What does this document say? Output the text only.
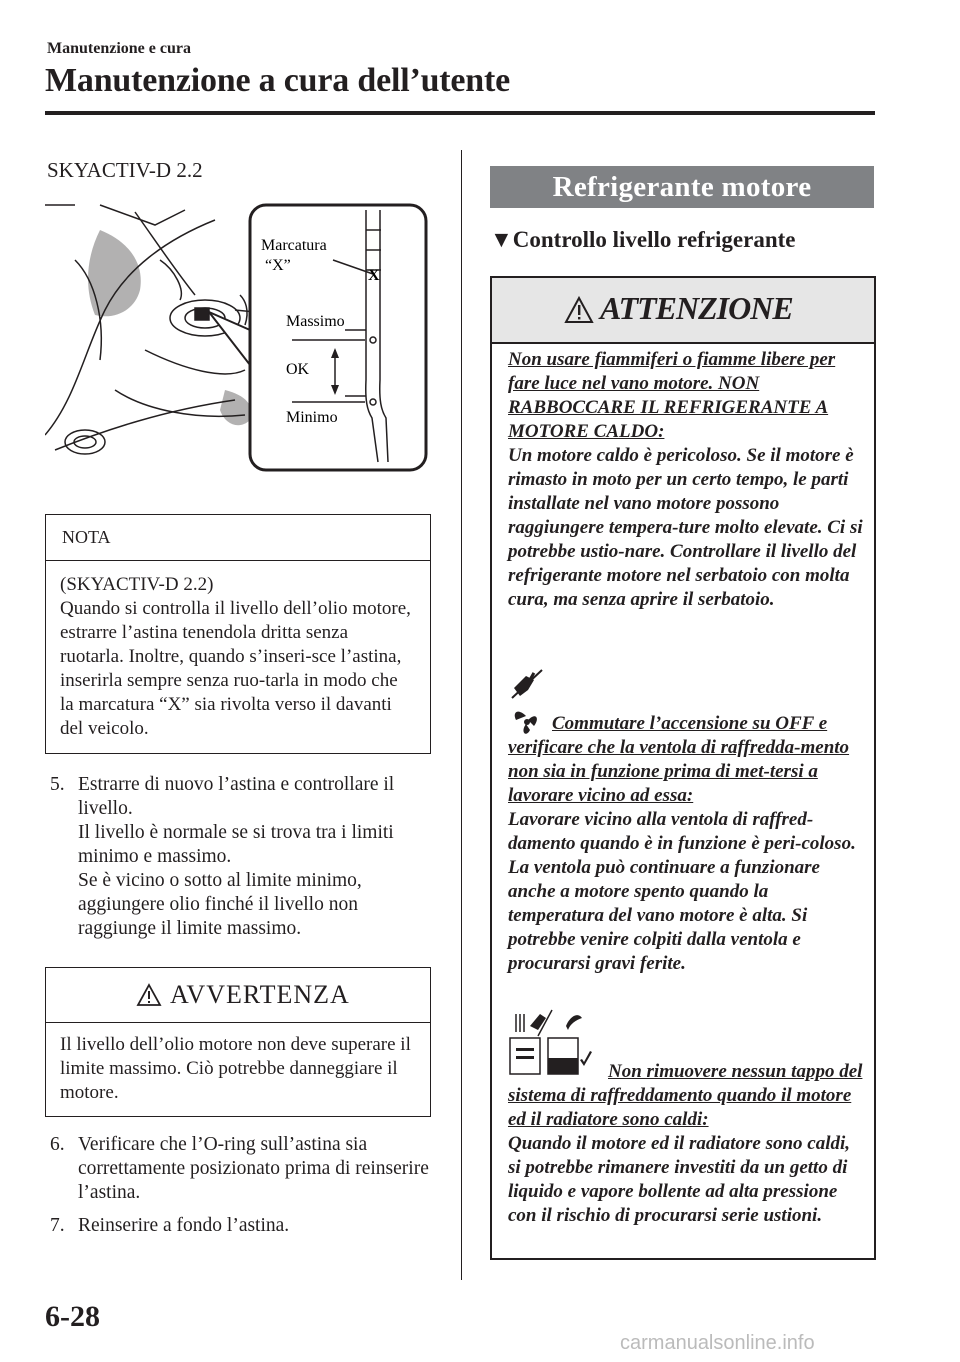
Manutenzione e cura
Manutenzione a cura dell’utente
SKYACTIV-D 2.2
Marcatura
“X”
X
Massimo
OK
Minimo
NOTA
(SKYACTIV-D 2.2)
Quando si controlla il livello dell’olio motore, estrarre l’astina tenendola dritta senza ruotarla. Inoltre, quando s’inseri-sce l’astina, inserirla sempre senza ruo-tarla in modo che la marcatura “X” sia rivolta verso il davanti del veicolo.
5. Estrarre di nuovo l’astina e controllare il livello.
Il livello è normale se si trova tra i limiti minimo e massimo.
Se è vicino o sotto al limite minimo, aggiungere olio finché il livello non raggiunge il limite massimo.
AVVERTENZA
Il livello dell’olio motore non deve superare il limite massimo. Ciò potrebbe danneggiare il motore.
6. Verificare che l’O-ring sull’astina sia correttamente posizionato prima di reinserire l’astina.
7. Reinserire a fondo l’astina.
Refrigerante motore
▼Controllo livello refrigerante
ATTENZIONE
Non usare fiammiferi o fiamme libere per fare luce nel vano motore. NON RABBOCCARE IL REFRIGERANTE A MOTORE CALDO:
Un motore caldo è pericoloso. Se il motore è rimasto in moto per un certo tempo, le parti installate nel vano motore possono raggiungere tempera-ture molto elevate. Ci si potrebbe ustio-nare. Controllare il livello del refrigerante motore nel serbatoio con molta cura, ma senza aprire il serbatoio.
Commutare l’accensione su OFF e verificare che la ventola di raffredda-mento non sia in funzione prima di met-tersi a lavorare vicino ad essa:
Lavorare vicino alla ventola di raffred-damento quando è in funzione è peri-coloso. La ventola può continuare a funzionare anche a motore spento quando la temperatura del vano motore è alta. Si potrebbe venire colpiti dalla ventola e procurarsi gravi ferite.
Non rimuovere nessun tappo del sistema di raffreddamento quando il motore ed il radiatore sono caldi:
Quando il motore ed il radiatore sono caldi, si potrebbe rimanere investiti da un getto di liquido e vapore bollente ad alta pressione con il rischio di procurarsi serie ustioni.
6-28
carmanualsonline.info
